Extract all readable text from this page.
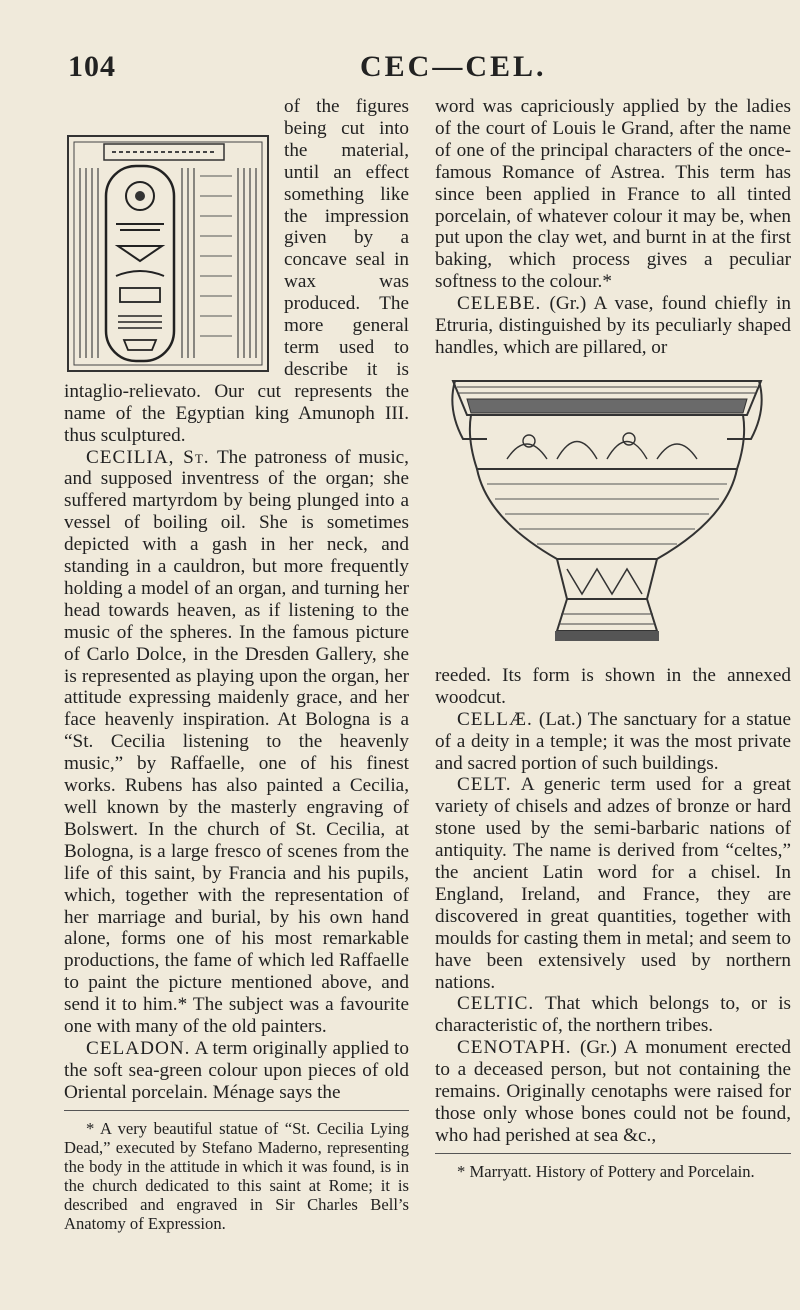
104	CEC—CEL.

of the figures being cut into the material, until an effect something like the impression given by a concave seal in wax was produced. The more general term used to describe it is intaglio-relievato. Our cut represents the name of the Egyptian king Amunoph III. thus sculptured.

CECILIA, St. The patroness of music, and supposed inventress of the organ; she suffered martyrdom by being plunged into a vessel of boiling oil. She is sometimes depicted with a gash in her neck, and standing in a cauldron, but more frequently holding a model of an organ, and turning her head towards heaven, as if listening to the music of the spheres. In the famous picture of Carlo Dolce, in the Dresden Gallery, she is represented as playing upon the organ, her attitude expressing maidenly grace, and her face heavenly inspiration. At Bologna is a “St. Cecilia listening to the heavenly music,” by Raffaelle, one of his finest works. Rubens has also painted a Cecilia, well known by the masterly engraving of Bolswert. In the church of St. Cecilia, at Bologna, is a large fresco of scenes from the life of this saint, by Francia and his pupils, which, together with the representation of her marriage and burial, by his own hand alone, forms one of his most remarkable productions, the fame of which led Raffaelle to paint the picture mentioned above, and send it to him.* The subject was a favourite one with many of the old painters.

CELADON. A term originally applied to the soft sea-green colour upon pieces of old Oriental porcelain. Ménage says the

* A very beautiful statue of “St. Cecilia Lying Dead,” executed by Stefano Maderno, representing the body in the attitude in which it was found, is in the church dedicated to this saint at Rome; it is described and engraved in Sir Charles Bell’s Anatomy of Expression.

word was capriciously applied by the ladies of the court of Louis le Grand, after the name of one of the principal characters of the once-famous Romance of Astrea. This term has since been applied in France to all tinted porcelain, of whatever colour it may be, when put upon the clay wet, and burnt in at the first baking, which process gives a peculiar softness to the colour.*

CELEBE. (Gr.) A vase, found chiefly in Etruria, distinguished by its peculiarly shaped handles, which are pillared, or

reeded. Its form is shown in the annexed woodcut.

CELLÆ. (Lat.) The sanctuary for a statue of a deity in a temple; it was the most private and sacred portion of such buildings.

CELT. A generic term used for a great variety of chisels and adzes of bronze or hard stone used by the semi-barbaric nations of antiquity. The name is derived from “celtes,” the ancient Latin word for a chisel. In England, Ireland, and France, they are discovered in great quantities, together with moulds for casting them in metal; and seem to have been extensively used by northern nations.

CELTIC. That which belongs to, or is characteristic of, the northern tribes.

CENOTAPH. (Gr.) A monument erected to a deceased person, but not containing the remains. Originally cenotaphs were raised for those only whose bones could not be found, who had perished at sea &c.,

* Marryatt. History of Pottery and Porcelain.
